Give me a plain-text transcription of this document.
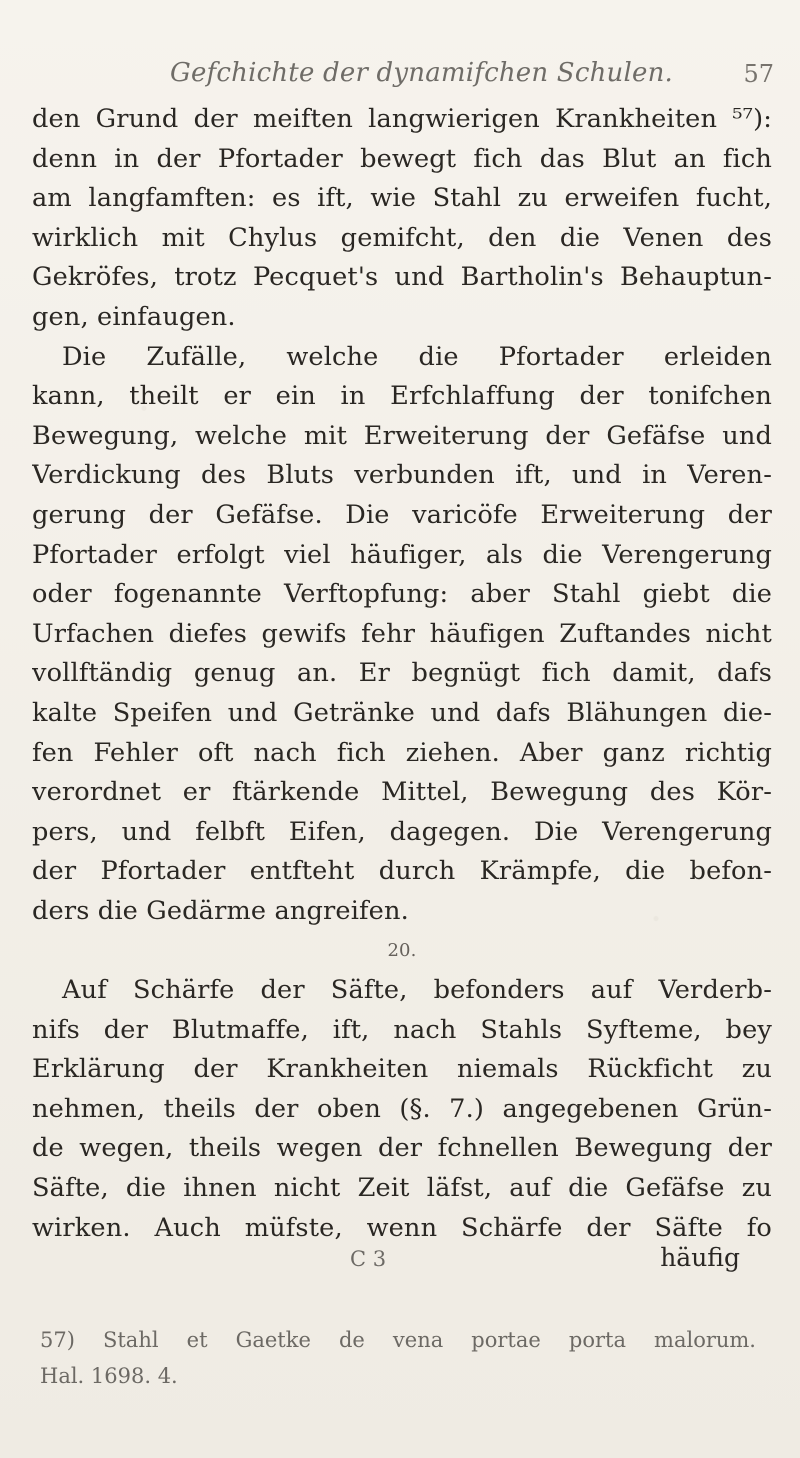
Gefchichte der dynamifchen Schulen.	57
den Grund der meiften langwierigen Krankheiten ⁵⁷):
denn in der Pfortader bewegt fich das Blut an fich
am langfamften: es ift, wie Stahl zu erweifen fucht,
wirklich mit Chylus gemifcht, den die Venen des
Gekröfes, trotz Pecquet's und Bartholin's Behauptun-
gen, einfaugen.
Die Zufälle, welche die Pfortader erleiden
kann, theilt er ein in Erfchlaffung der tonifchen
Bewegung, welche mit Erweiterung der Gefäfse und
Verdickung des Bluts verbunden ift, und in Veren-
gerung der Gefäfse. Die varicöfe Erweiterung der
Pfortader erfolgt viel häufiger, als die Verengerung
oder fogenannte Verftopfung: aber Stahl giebt die
Urfachen diefes gewifs fehr häufigen Zuftandes nicht
vollftändig genug an. Er begnügt fich damit, dafs
kalte Speifen und Getränke und dafs Blähungen die-
fen Fehler oft nach fich ziehen. Aber ganz richtig
verordnet er ftärkende Mittel, Bewegung des Kör-
pers, und felbft Eifen, dagegen. Die Verengerung
der Pfortader entfteht durch Krämpfe, die befon-
ders die Gedärme angreifen.
20.
Auf Schärfe der Säfte, befonders auf Verderb-
nifs der Blutmaffe, ift, nach Stahls Syfteme, bey
Erklärung der Krankheiten niemals Rückficht zu
nehmen, theils der oben (§. 7.) angegebenen Grün-
de wegen, theils wegen der fchnellen Bewegung der
Säfte, die ihnen nicht Zeit läfst, auf die Gefäfse zu
wirken. Auch müfste, wenn Schärfe der Säfte fo
C 3	häufig
57) Stahl et Gaetke de vena portae porta malorum.
Hal. 1698. 4.
